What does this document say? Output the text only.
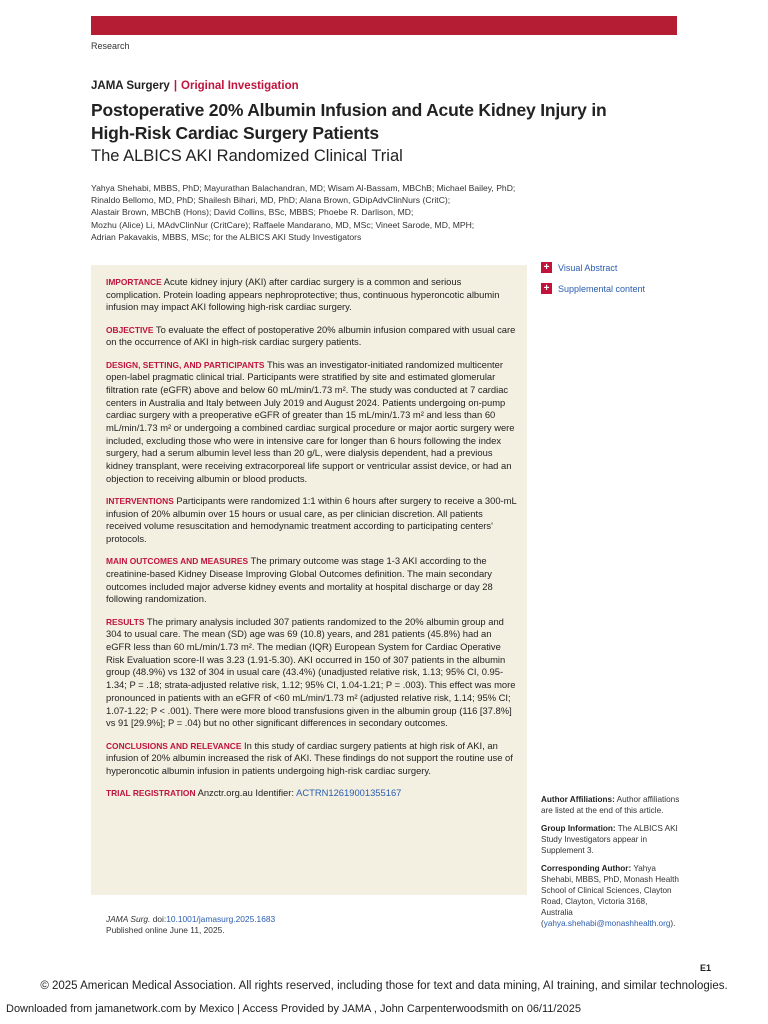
Research
JAMA Surgery | Original Investigation
Postoperative 20% Albumin Infusion and Acute Kidney Injury in High-Risk Cardiac Surgery Patients
The ALBICS AKI Randomized Clinical Trial
Yahya Shehabi, MBBS, PhD; Mayurathan Balachandran, MD; Wisam Al-Bassam, MBChB; Michael Bailey, PhD;
Rinaldo Bellomo, MD, PhD; Shailesh Bihari, MD, PhD; Alana Brown, GDipAdvClinNurs (CritC);
Alastair Brown, MBChB (Hons); David Collins, BSc, MBBS; Phoebe R. Darlison, MD;
Mozhu (Alice) Li, MAdvClinNur (CritCare); Raffaele Mandarano, MD, MSc; Vineet Sarode, MD, MPH;
Adrian Pakavakis, MBBS, MSc; for the ALBICS AKI Study Investigators
+ Visual Abstract
+ Supplemental content

IMPORTANCE Acute kidney injury (AKI) after cardiac surgery is a common and serious complication. Protein loading appears nephroprotective; thus, continuous hyperoncotic albumin infusion may impact AKI following high-risk cardiac surgery.

OBJECTIVE To evaluate the effect of postoperative 20% albumin infusion compared with usual care on the occurrence of AKI in high-risk cardiac surgery patients.

DESIGN, SETTING, AND PARTICIPANTS This was an investigator-initiated randomized multicenter open-label pragmatic clinical trial. Participants were stratified by site and estimated glomerular filtration rate (eGFR) above and below 60 mL/min/1.73 m². The study was conducted at 7 cardiac centers in Australia and Italy between July 2019 and August 2024. Patients undergoing on-pump cardiac surgery with a preoperative eGFR of greater than 15 mL/min/1.73 m² and less than 60 mL/min/1.73 m² or undergoing a combined cardiac surgical procedure or major aortic surgery were included, excluding those who were in intensive care for longer than 6 hours following the index surgery, had a serum albumin level less than 20 g/L, were dialysis dependent, had a previous kidney transplant, were receiving extracorporeal life support or ventricular assist device, or had an objection to receiving albumin or blood products.

INTERVENTIONS Participants were randomized 1:1 within 6 hours after surgery to receive a 300-mL infusion of 20% albumin over 15 hours or usual care, as per clinician discretion. All patients received volume resuscitation and hemodynamic treatment according to participating centers' protocols.

MAIN OUTCOMES AND MEASURES The primary outcome was stage 1-3 AKI according to the creatinine-based Kidney Disease Improving Global Outcomes definition. The main secondary outcomes included major adverse kidney events and mortality at hospital discharge or day 28 following randomization.

RESULTS The primary analysis included 307 patients randomized to the 20% albumin group and 304 to usual care. The mean (SD) age was 69 (10.8) years, and 281 patients (45.8%) had an eGFR less than 60 mL/min/1.73 m². The median (IQR) European System for Cardiac Operative Risk Evaluation score-II was 3.23 (1.91-5.30). AKI occurred in 150 of 307 patients in the albumin group (48.9%) vs 132 of 304 in usual care (43.4%) (unadjusted relative risk, 1.13; 95% CI, 0.95-1.34; P = .18; strata-adjusted relative risk, 1.12; 95% CI, 1.04-1.21; P = .003). This effect was more pronounced in patients with an eGFR of <60 mL/min/1.73 m² (adjusted relative risk, 1.14; 95% CI; 1.07-1.22; P < .001). There were more blood transfusions given in the albumin group (116 [37.8%] vs 91 [29.9%]; P = .04) but no other significant differences in secondary outcomes.

CONCLUSIONS AND RELEVANCE In this study of cardiac surgery patients at high risk of AKI, an infusion of 20% albumin increased the risk of AKI. These findings do not support the routine use of hyperoncotic albumin infusion in patients undergoing high-risk cardiac surgery.

TRIAL REGISTRATION Anzctr.org.au Identifier: ACTRN12619001355167

JAMA Surg. doi:10.1001/jamasurg.2025.1683
Published online June 11, 2025.

Author Affiliations: Author affiliations are listed at the end of this article.

Group Information: The ALBICS AKI Study Investigators appear in Supplement 3.

Corresponding Author: Yahya Shehabi, MBBS, PhD, Monash Health School of Clinical Sciences, Clayton Road, Clayton, Victoria 3168, Australia (yahya.shehabi@monashhealth.org).

E1
© 2025 American Medical Association. All rights reserved, including those for text and data mining, AI training, and similar technologies.
Downloaded from jamanetwork.com by Mexico | Access Provided by JAMA , John Carpenterwoodsmith on 06/11/2025
